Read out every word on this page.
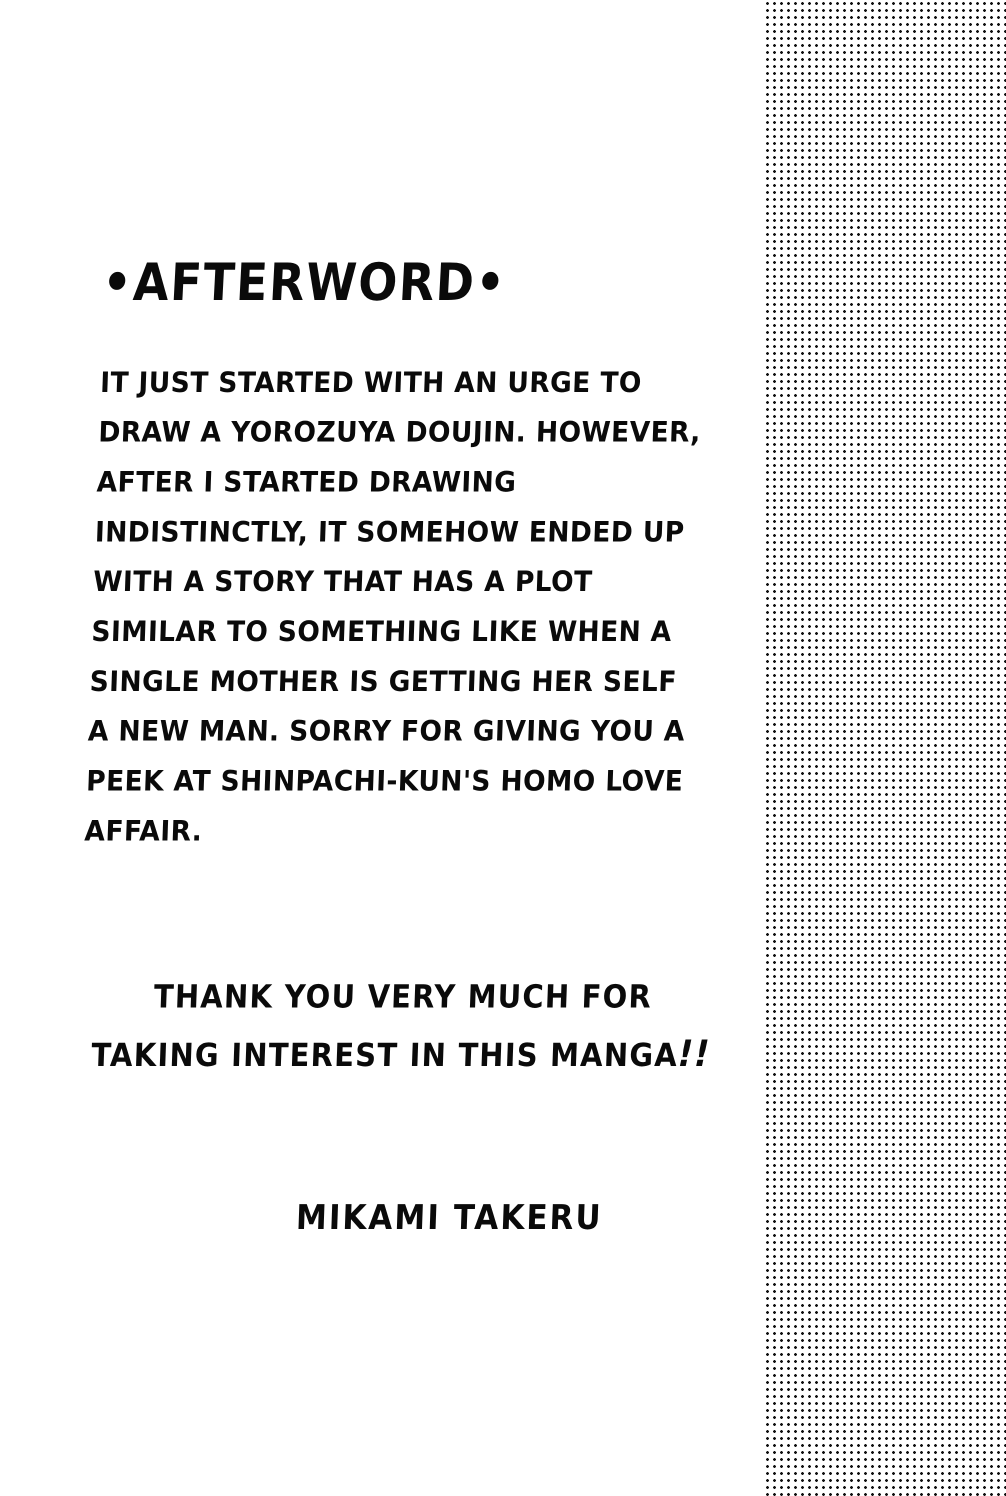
•AFTERWORD•
IT JUST STARTED WITH AN URGE TO DRAW A YOROZUYA DOUJIN. HOWEVER, AFTER I STARTED DRAWING INDISTINCTLY, IT SOMEHOW ENDED UP WITH A STORY THAT HAS A PLOT SIMILAR TO SOMETHING LIKE WHEN A SINGLE MOTHER IS GETTING HER SELF A NEW MAN. SORRY FOR GIVING YOU A PEEK AT SHINPACHI-KUN'S HOMO LOVE AFFAIR.
THANK YOU VERY MUCH FOR
TAKING INTEREST IN THIS MANGA!!
MIKAMI TAKERU
